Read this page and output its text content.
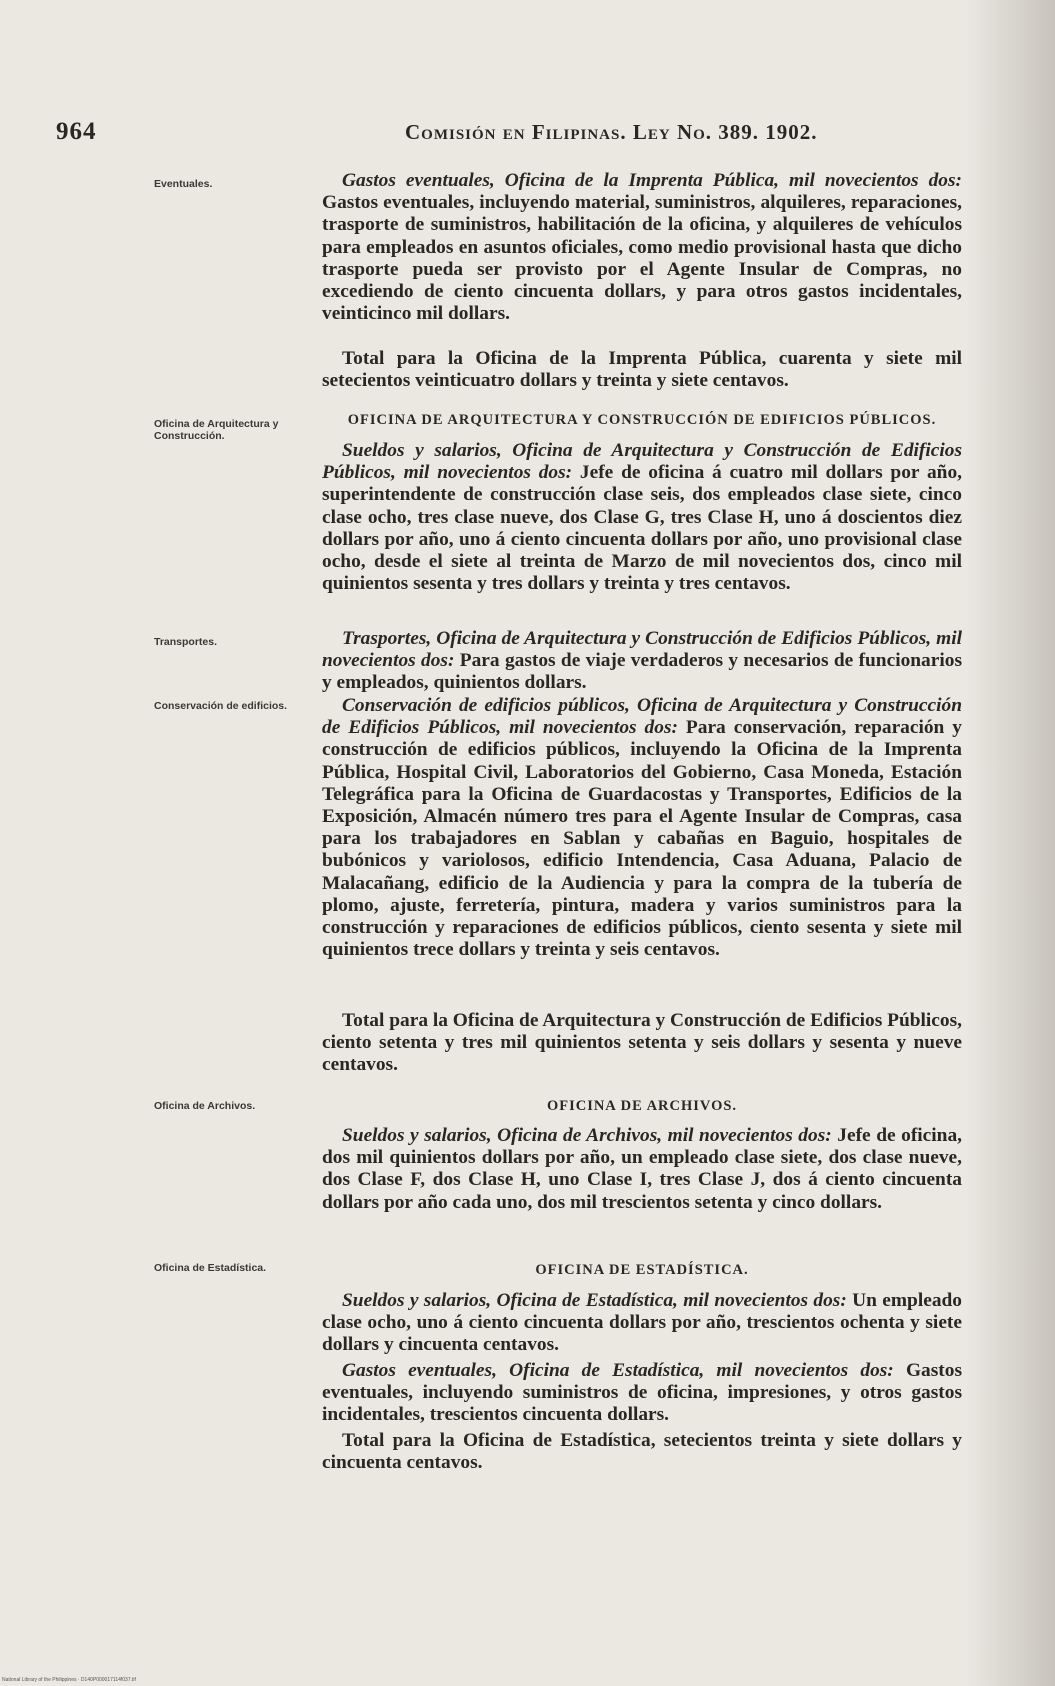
964	Comisión en Filipinas. Ley No. 389. 1902.
Eventuales.	Gastos eventuales, Oficina de la Imprenta Pública, mil novecientos dos: Gastos eventuales, incluyendo material, suministros, alquileres, reparaciones, trasporte de suministros, habilitación de la oficina, y alquileres de vehículos para empleados en asuntos oficiales, como medio provisional hasta que dicho trasporte pueda ser provisto por el Agente Insular de Compras, no excediendo de ciento cincuenta dollars, y para otros gastos incidentales, veinticinco mil dollars.

Total para la Oficina de la Imprenta Pública, cuarenta y siete mil setecientos veinticuatro dollars y treinta y siete centavos.

Oficina de Arquitectura y Construcción.

OFICINA DE ARQUITECTURA Y CONSTRUCCIÓN DE EDIFICIOS PÚBLICOS.

Sueldos y salarios, Oficina de Arquitectura y Construcción de Edificios Públicos, mil novecientos dos: Jefe de oficina á cuatro mil dollars por año, superintendente de construcción clase seis, dos empleados clase siete, cinco clase ocho, tres clase nueve, dos Clase G, tres Clase H, uno á doscientos diez dollars por año, uno á ciento cincuenta dollars por año, uno provisional clase ocho, desde el siete al treinta de Marzo de mil novecientos dos, cinco mil quinientos sesenta y tres dollars y treinta y tres centavos.

Transportes.	Trasportes, Oficina de Arquitectura y Construcción de Edificios Públicos, mil novecientos dos: Para gastos de viaje verdaderos y necesarios de funcionarios y empleados, quinientos dollars.

Conservación de edificios.	Conservación de edificios públicos, Oficina de Arquitectura y Construcción de Edificios Públicos, mil novecientos dos: Para conservación, reparación y construcción de edificios públicos, incluyendo la Oficina de la Imprenta Pública, Hospital Civil, Laboratorios del Gobierno, Casa Moneda, Estación Telegráfica para la Oficina de Guardacostas y Transportes, Edificios de la Exposición, Almacén número tres para el Agente Insular de Compras, casa para los trabajadores en Sablan y cabañas en Baguio, hospitales de bubónicos y variolosos, edificio Intendencia, Casa Aduana, Palacio de Malacañang, edificio de la Audiencia y para la compra de la tubería de plomo, ajuste, ferretería, pintura, madera y varios suministros para la construcción y reparaciones de edificios públicos, ciento sesenta y siete mil quinientos trece dollars y treinta y seis centavos.

Total para la Oficina de Arquitectura y Construcción de Edificios Públicos, ciento setenta y tres mil quinientos setenta y seis dollars y sesenta y nueve centavos.

Oficina de Archivos.	OFICINA DE ARCHIVOS.

Sueldos y salarios, Oficina de Archivos, mil novecientos dos: Jefe de oficina, dos mil quinientos dollars por año, un empleado clase siete, dos clase nueve, dos Clase F, dos Clase H, uno Clase I, tres Clase J, dos á ciento cincuenta dollars por año cada uno, dos mil trescientos setenta y cinco dollars.

Oficina de Estadística.	OFICINA DE ESTADÍSTICA.

Sueldos y salarios, Oficina de Estadística, mil novecientos dos: Un empleado clase ocho, uno á ciento cincuenta dollars por año, trescientos ochenta y siete dollars y cincuenta centavos.

Gastos eventuales, Oficina de Estadística, mil novecientos dos: Gastos eventuales, incluyendo suministros de oficina, impresiones, y otros gastos incidentales, trescientos cincuenta dollars.

Total para la Oficina de Estadística, setecientos treinta y siete dollars y cincuenta centavos.

National Library of the Philippines · D140P000017114f037.tif
